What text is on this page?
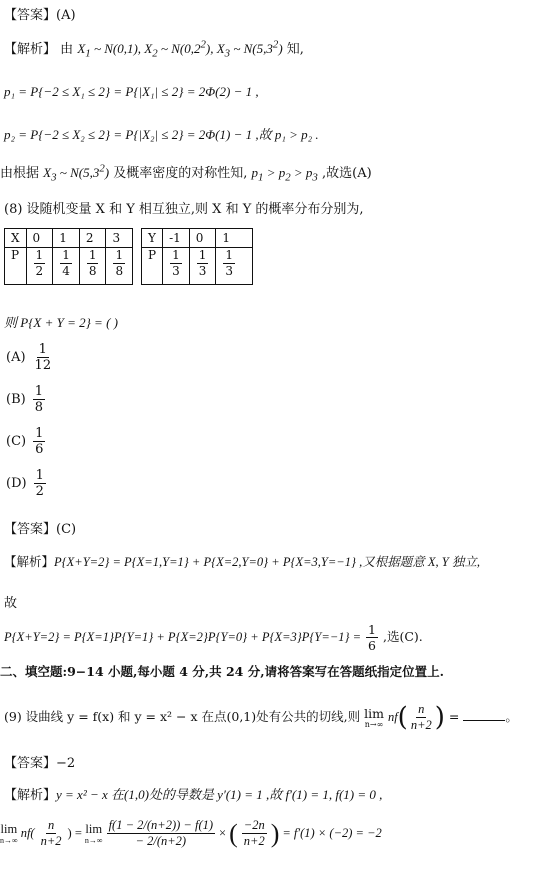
【答案】(A)
【解析】 由 $X_1$ ~ N(0,1), $X_2$ ~ $N(0,2^2)$, $X_3$ ~ $N(5,3^2)$ 知,
p₁ = P{−2 ≤ X₁ ≤ 2} = P{|X₁| ≤ 2} = 2Φ(2) − 1 ,
p₂ = P{−2 ≤ X₂ ≤ 2} = P{|X₂| ≤ 2} = 2Φ(1) − 1 ,故 p₁ > p₂ .
由根据 $X_3$ ~ $N(5,3^2)$ 及概率密度的对称性知, $p_1 > p_2 > p_3$ ,故选(A)
(8) 设随机变量 X 和 Y 相互独立,则 X 和 Y 的概率分布分别为,
X	0	1	2	3
P	$\frac{1}{2}$	$\frac{1}{4}$	$\frac{1}{8}$	$\frac{1}{8}$
Y	-1	0	1
P	$\frac{1}{3}$	$\frac{1}{3}$	$\frac{1}{3}$
则 P{X + Y = 2} = ( )
$(A) \frac{1}{12}$
$(B) \frac{1}{8}$
$(C) \frac{1}{6}$
$(D) \frac{1}{2}$
【答案】(C)
【解析】P{X+Y=2} = P{X=1,Y=1} + P{X=2,Y=0} + P{X=3,Y=−1} ,又根据题意 X, Y 独立,
故
$P\{X+Y=2\} = P\{X=1\}P\{Y=1\} + P\{X=2\}P\{Y=0\} + P\{X=3\}P\{Y=-1\} = \frac{1}{6}$ ,选(C).
二、填空题:9−14 小题,每小题 4 分,共 24 分,请将答案写在答题纸指定位置上.
(9) 设曲线 y = f(x) 和 y = x² − x 在点(0,1)处有公共的切线,则 lim
n→∞
$nf( \frac{n}{n+2}$ ) =	。
【答案】−2
【解析】y = x² − x 在(1,0)处的导数是 y′(1) = 1 ,故 f′(1) = 1, f(1) = 0 ,
lim
n→∞
$nf( \frac{n}{n+2}$ ) = lim
$n\to\infty \frac{f(1 - 2/(n+2)) - f(1)}{- 2/(n+2)}$ × ( $\frac{-2n}{n+2}$ ) = f′(1) × (−2) = −2
